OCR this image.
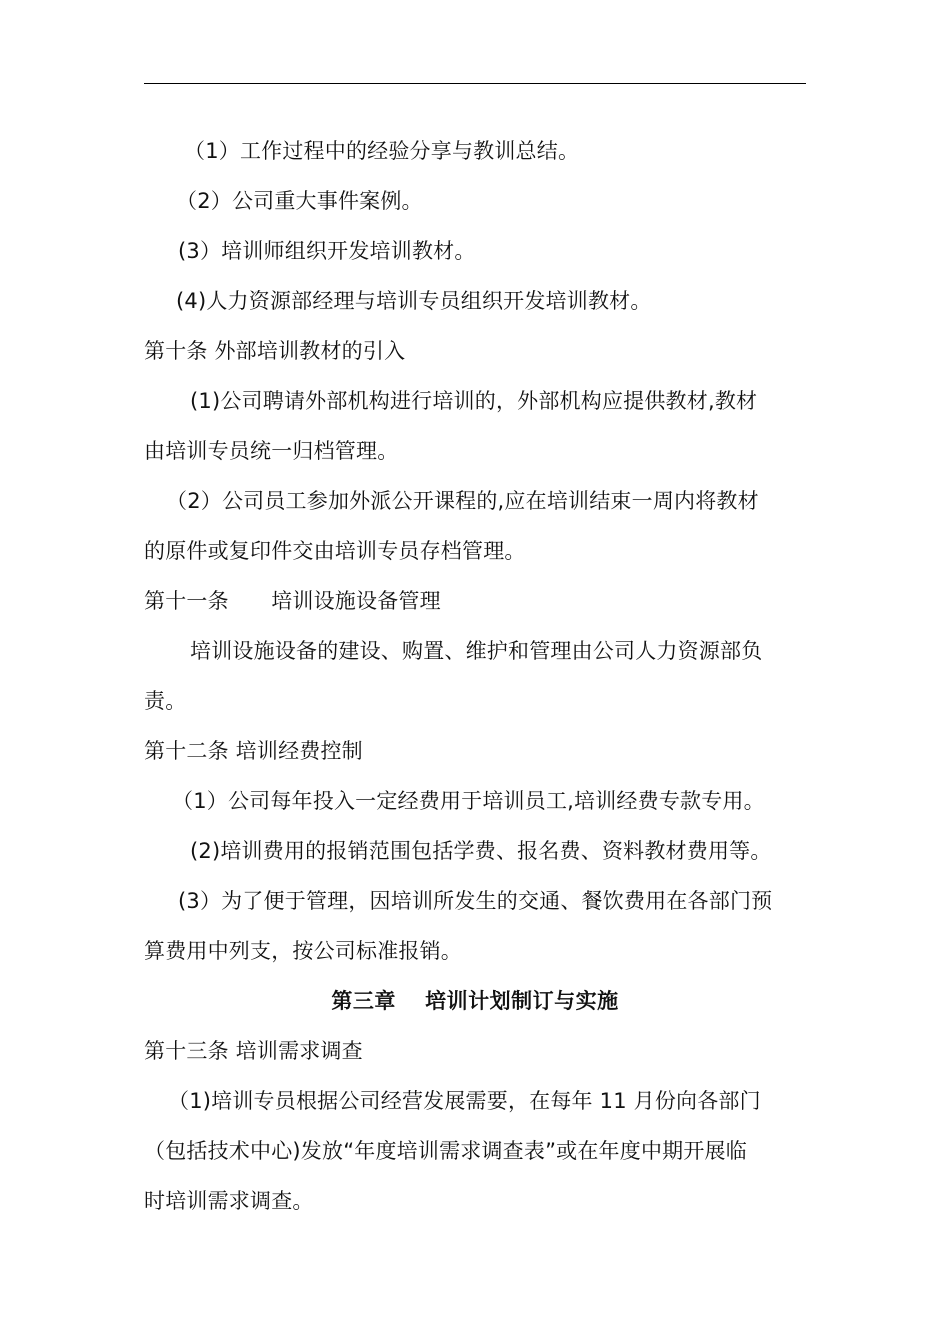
（1）工作过程中的经验分享与教训总结。
（2）公司重大事件案例。
(3）培训师组织开发培训教材。
(4)人力资源部经理与培训专员组织开发培训教材。
第十条 外部培训教材的引入
(1)公司聘请外部机构进行培训的，外部机构应提供教材,教材
由培训专员统一归档管理。
（2）公司员工参加外派公开课程的,应在培训结束一周内将教材
的原件或复印件交由培训专员存档管理。
第十一条　　培训设施设备管理
培训设施设备的建设、购置、维护和管理由公司人力资源部负
责。
第十二条 培训经费控制
（1）公司每年投入一定经费用于培训员工,培训经费专款专用。
(2)培训费用的报销范围包括学费、报名费、资料教材费用等。
(3）为了便于管理，因培训所发生的交通、餐饮费用在各部门预
算费用中列支，按公司标准报销。
第三章　 培训计划制订与实施
第十三条 培训需求调查
（1)培训专员根据公司经营发展需要，在每年 11 月份向各部门
（包括技术中心)发放“年度培训需求调查表”或在年度中期开展临
时培训需求调查。
